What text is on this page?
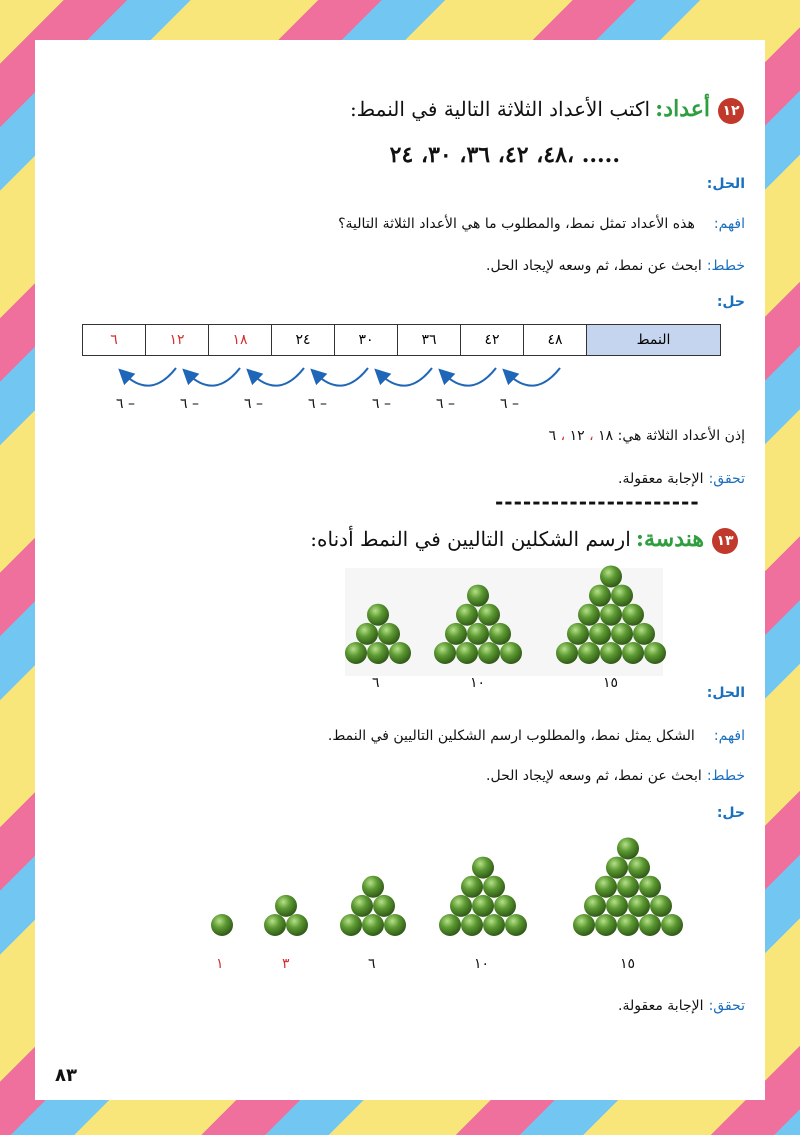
١٢
أعداد: اكتب الأعداد الثلاثة التالية في النمط:
٤٨، ٤٢، ٣٦، ٣٠، ٢٤، .....
الحل:
افهم: هذه الأعداد تمثل نمط، والمطلوب ما هي الأعداد الثلاثة التالية؟
خطط: ابحث عن نمط، ثم وسعه لإيجاد الحل.
حل:
٦	١٢	١٨	٢٤	٣٠	٣٦	٤٢	٤٨	النمط
٦ –	٦ –	٦ –	٦ –	٦ –	٦ –	٦ –
إذن الأعداد الثلاثة هي: ١٨ ، ١٢ ، ٦
تحقق: الإجابة معقولة.
----------------------
١٣
هندسة: ارسم الشكلين التاليين في النمط أدناه:
٦	١٠	١٥
الحل:
افهم: الشكل يمثل نمط، والمطلوب ارسم الشكلين التاليين في النمط.
خطط: ابحث عن نمط، ثم وسعه لإيجاد الحل.
حل:
١	٣	٦	١٠	١٥
تحقق: الإجابة معقولة.
٨٣
